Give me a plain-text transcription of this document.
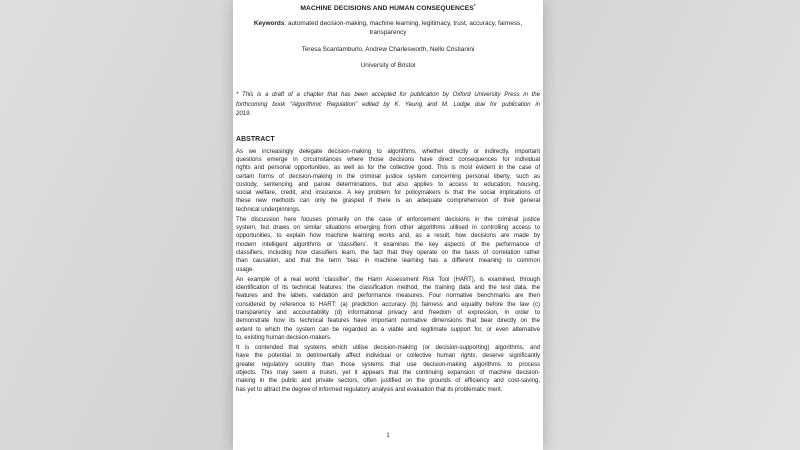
MACHINE DECISIONS AND HUMAN CONSEQUENCES*
Keywords: automated decision-making, machine learning, legitimacy, trust, accuracy, fairness,
transparency
Teresa Scantamburlo, Andrew Charlesworth, Nello Cristianini
University of Bristol
* This is a draft of a chapter that has been accepted for publication by Oxford University Press in the
forthcoming book “Algorithmic Regulation” edited by K. Yeung and M. Lodge due for publication in
2019.
ABSTRACT
As we increasingly delegate decision-making to algorithms, whether directly or indirectly, important
questions emerge in circumstances where those decisions have direct consequences for individual
rights and personal opportunities, as well as for the collective good. This is most evident in the case of
certain forms of decision-making in the criminal justice system concerning personal liberty, such as
custody, sentencing and parole determinations, but also applies to access to education, housing,
social welfare, credit, and insurance. A key problem for policymakers is that the social implications of
these new methods can only be grasped if there is an adequate comprehension of their general
technical underpinnings.
The discussion here focuses primarily on the case of enforcement decisions in the criminal justice
system, but draws on similar situations emerging from other algorithms utilised in controlling access to
opportunities, to explain how machine learning works and, as a result, how decisions are made by
modern intelligent algorithms or ‘classifiers’. It examines the key aspects of the performance of
classifiers, including how classifiers learn, the fact that they operate on the basis of correlation rather
than causation, and that the term ‘bias’ in machine learning has a different meaning to common
usage.
An example of a real world ‘classifier’, the Harm Assessment Risk Tool (HART), is examined, through
identification of its technical features: the classification method, the training data and the test data, the
features and the labels, validation and performance measures. Four normative benchmarks are then
considered by reference to HART: (a) prediction accuracy (b) fairness and equality before the law (c)
transparency and accountability (d) informational privacy and freedom of expression, in order to
demonstrate how its technical features have important normative dimensions that bear directly on the
extent to which the system can be regarded as a viable and legitimate support for, or even alternative
to, existing human decision-makers.
It is contended that systems which utilise decision-making (or decision-supporting) algorithms, and
have the potential to detrimentally affect individual or collective human rights, deserve significantly
greater regulatory scrutiny than those systems that use decision-making algorithms to process
objects. This may seem a truism, yet it appears that the continuing expansion of machine decision-
making in the public and private sectors, often justified on the grounds of efficiency and cost-saving,
has yet to attract the degree of informed regulatory analysis and evaluation that its problematic merit.
1
